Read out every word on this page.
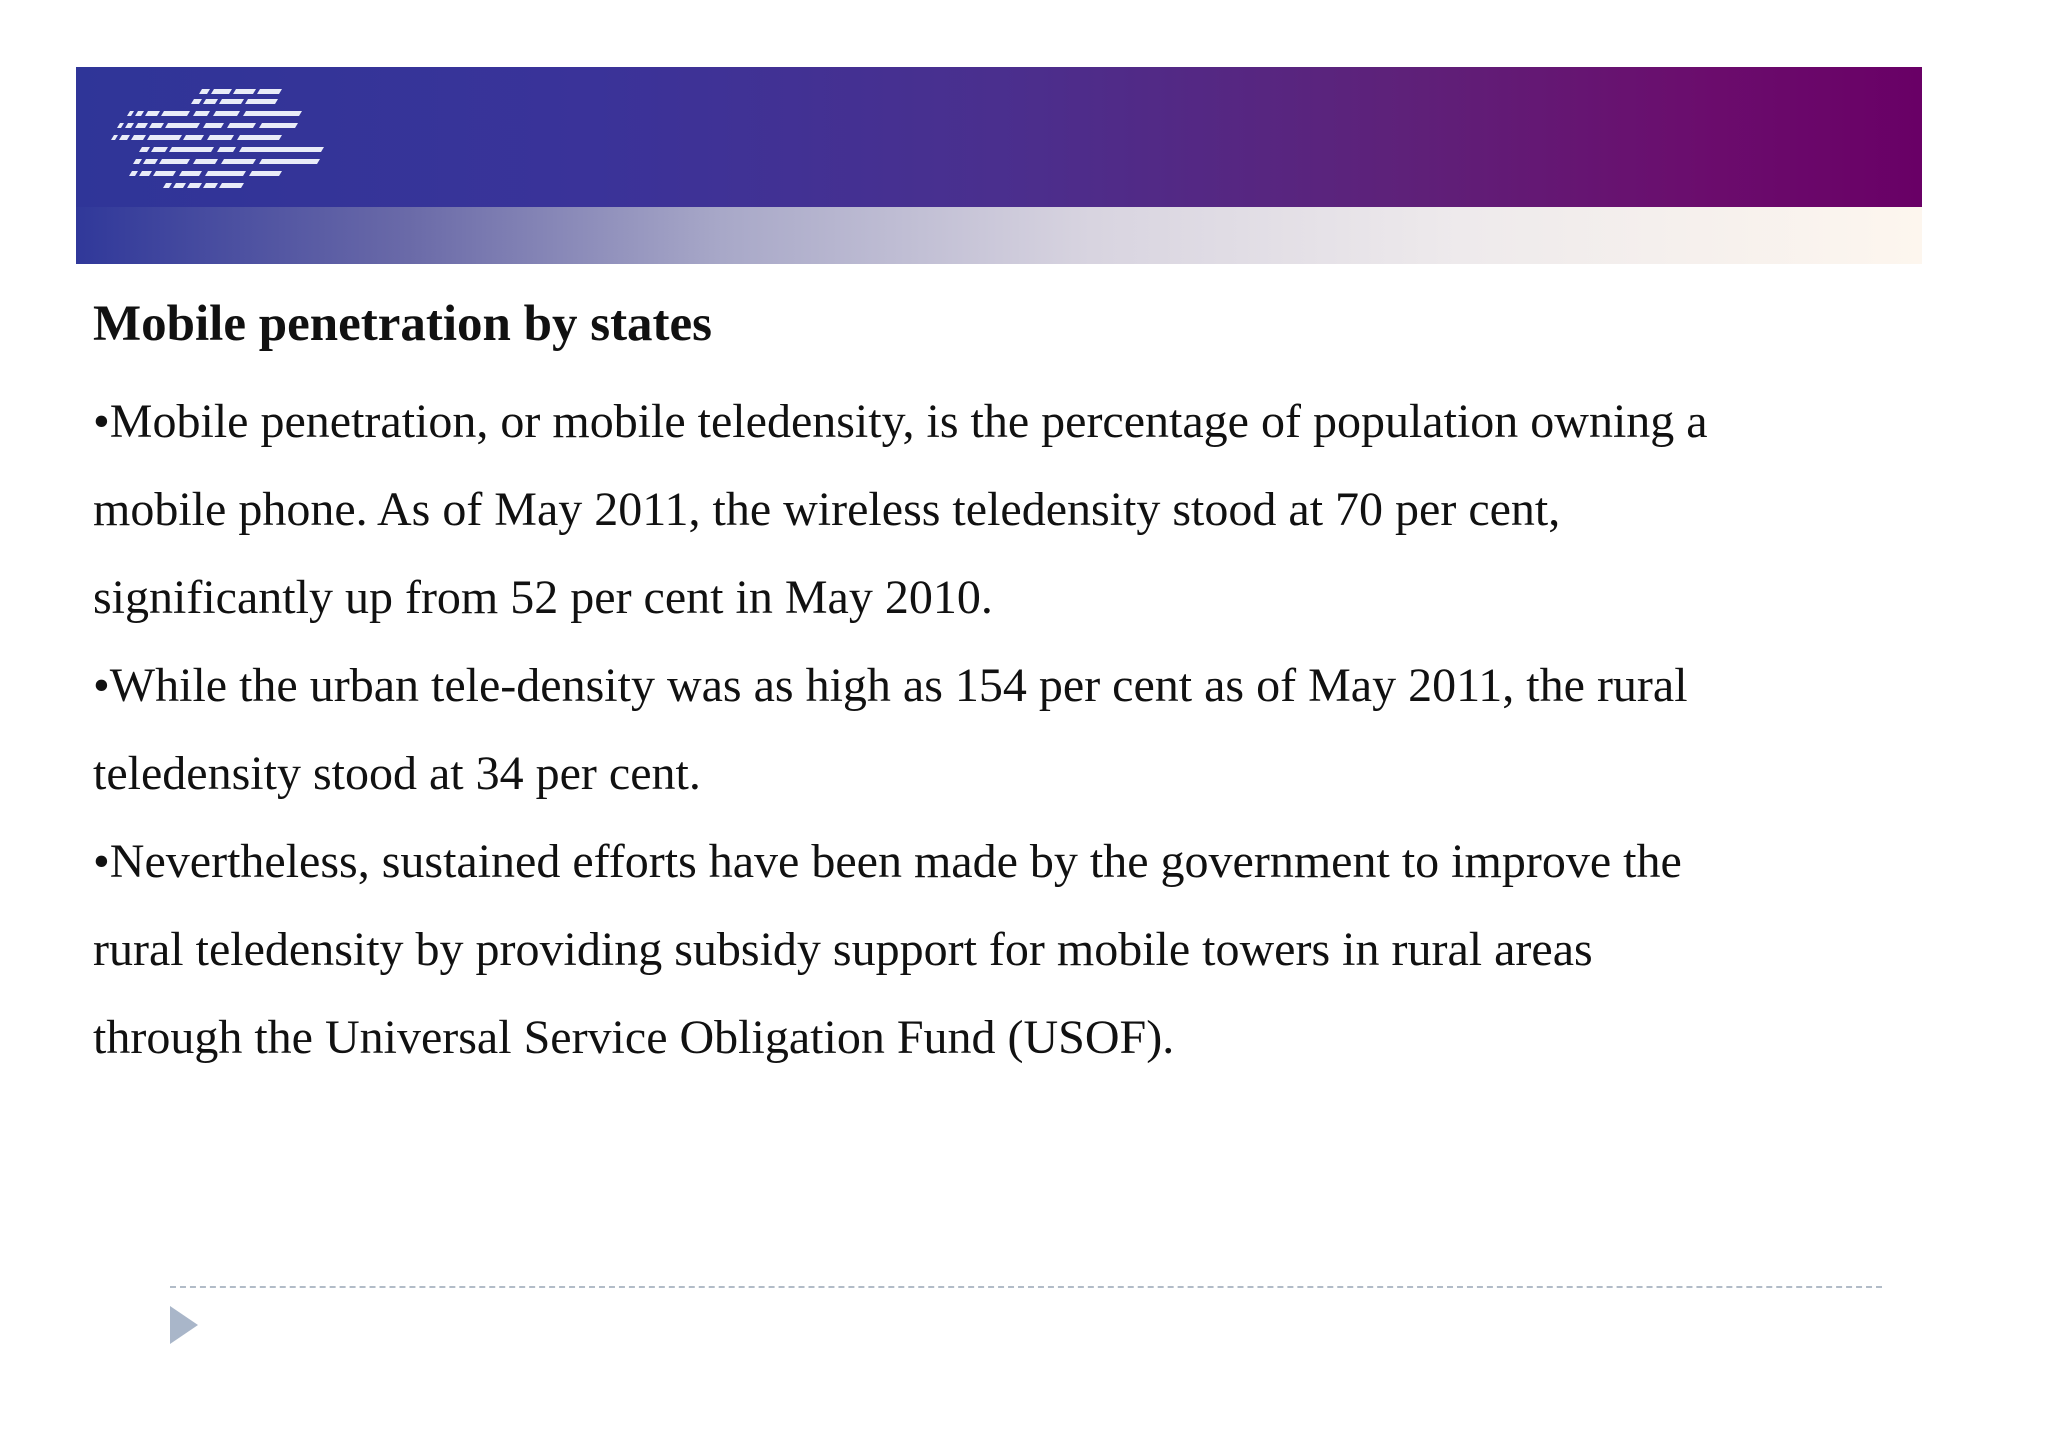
Mobile penetration by states

•Mobile penetration, or mobile teledensity, is the percentage of population owning a

mobile phone. As of May 2011, the wireless teledensity stood at 70 per cent,

significantly up from 52 per cent in May 2010.

•While the urban tele-density was as high as 154 per cent as of May 2011, the rural

teledensity stood at 34 per cent.

•Nevertheless, sustained efforts have been made by the government to improve the

rural teledensity by providing subsidy support for mobile towers in rural areas

through the Universal Service Obligation Fund (USOF).
